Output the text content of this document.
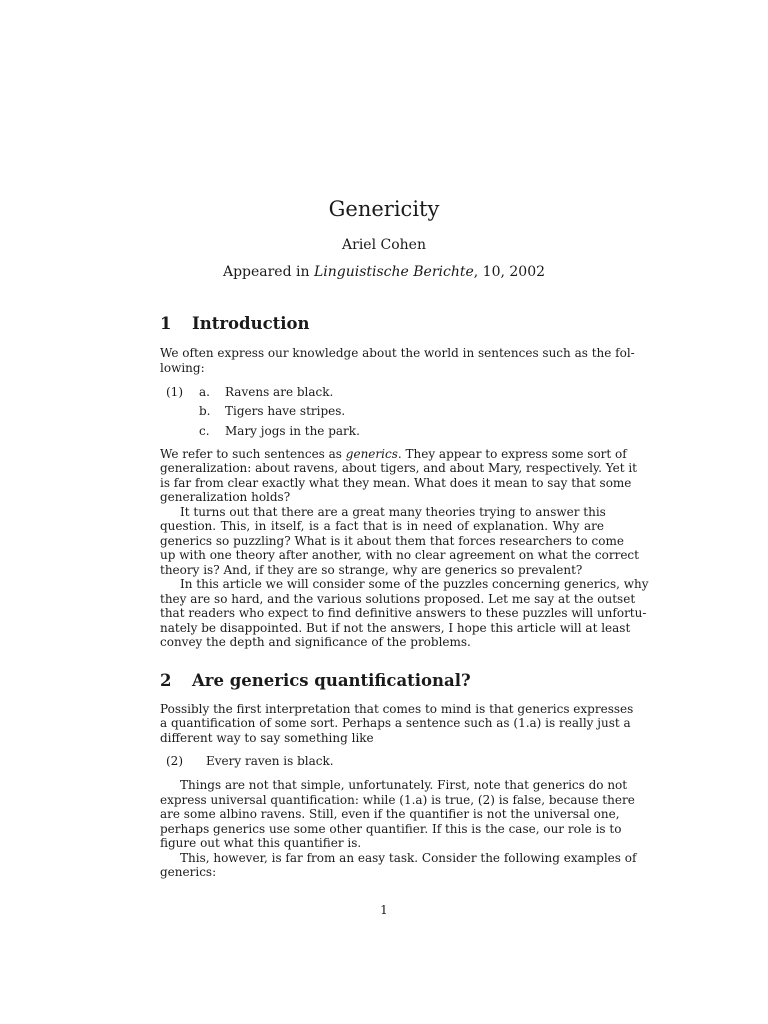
Genericity
Ariel Cohen
Appeared in Linguistische Berichte, 10, 2002
1 Introduction
We often express our knowledge about the world in sentences such as the fol-
lowing:
(1) a. Ravens are black.
b. Tigers have stripes.
c. Mary jogs in the park.
We refer to such sentences as generics. They appear to express some sort of
generalization: about ravens, about tigers, and about Mary, respectively. Yet it
is far from clear exactly what they mean. What does it mean to say that some
generalization holds?
It turns out that there are a great many theories trying to answer this
question. This, in itself, is a fact that is in need of explanation. Why are
generics so puzzling? What is it about them that forces researchers to come
up with one theory after another, with no clear agreement on what the correct
theory is? And, if they are so strange, why are generics so prevalent?
In this article we will consider some of the puzzles concerning generics, why
they are so hard, and the various solutions proposed. Let me say at the outset
that readers who expect to find definitive answers to these puzzles will unfortu-
nately be disappointed. But if not the answers, I hope this article will at least
convey the depth and significance of the problems.
2 Are generics quantificational?
Possibly the first interpretation that comes to mind is that generics expresses
a quantification of some sort. Perhaps a sentence such as (1.a) is really just a
different way to say something like
(2) Every raven is black.
Things are not that simple, unfortunately. First, note that generics do not
express universal quantification: while (1.a) is true, (2) is false, because there
are some albino ravens. Still, even if the quantifier is not the universal one,
perhaps generics use some other quantifier. If this is the case, our role is to
figure out what this quantifier is.
This, however, is far from an easy task. Consider the following examples of
generics:
1
